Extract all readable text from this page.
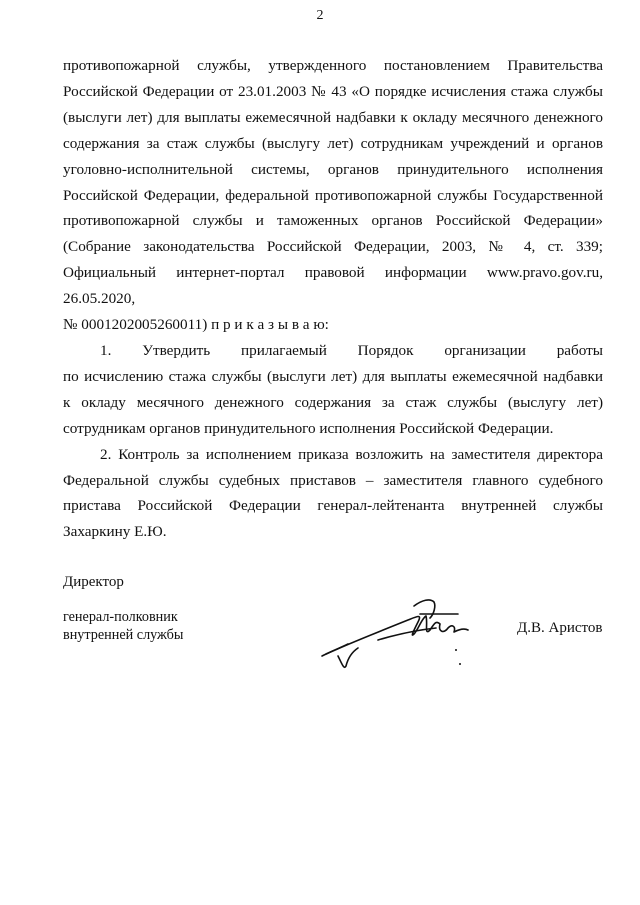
2

противопожарной службы, утвержденного постановлением Правительства

Российской Федерации от 23.01.2003 № 43 «О порядке исчисления стажа службы

(выслуги лет) для выплаты ежемесячной надбавки к окладу месячного денежного

содержания за стаж службы (выслугу лет) сотрудникам учреждений и органов

уголовно-исполнительной системы, органов принудительного исполнения

Российской Федерации, федеральной противопожарной службы Государственной

противопожарной службы и таможенных органов Российской Федерации»

(Собрание законодательства Российской Федерации, 2003, № 4, ст. 339;

Официальный интернет-портал правовой информации www.pravo.gov.ru, 26.05.2020,

№ 0001202005260011) п р и к а з ы в а ю:

1. Утвердить прилагаемый Порядок организации работы

по исчислению стажа службы (выслуги лет) для выплаты ежемесячной надбавки

к окладу месячного денежного содержания за стаж службы (выслугу лет)

сотрудникам органов принудительного исполнения Российской Федерации.

2. Контроль за исполнением приказа возложить на заместителя директора

Федеральной службы судебных приставов – заместителя главного судебного

пристава Российской Федерации генерал-лейтенанта внутренней службы

Захаркину Е.Ю.

Директор
генерал-полковник
внутренней службы	Д.В. Аристов
